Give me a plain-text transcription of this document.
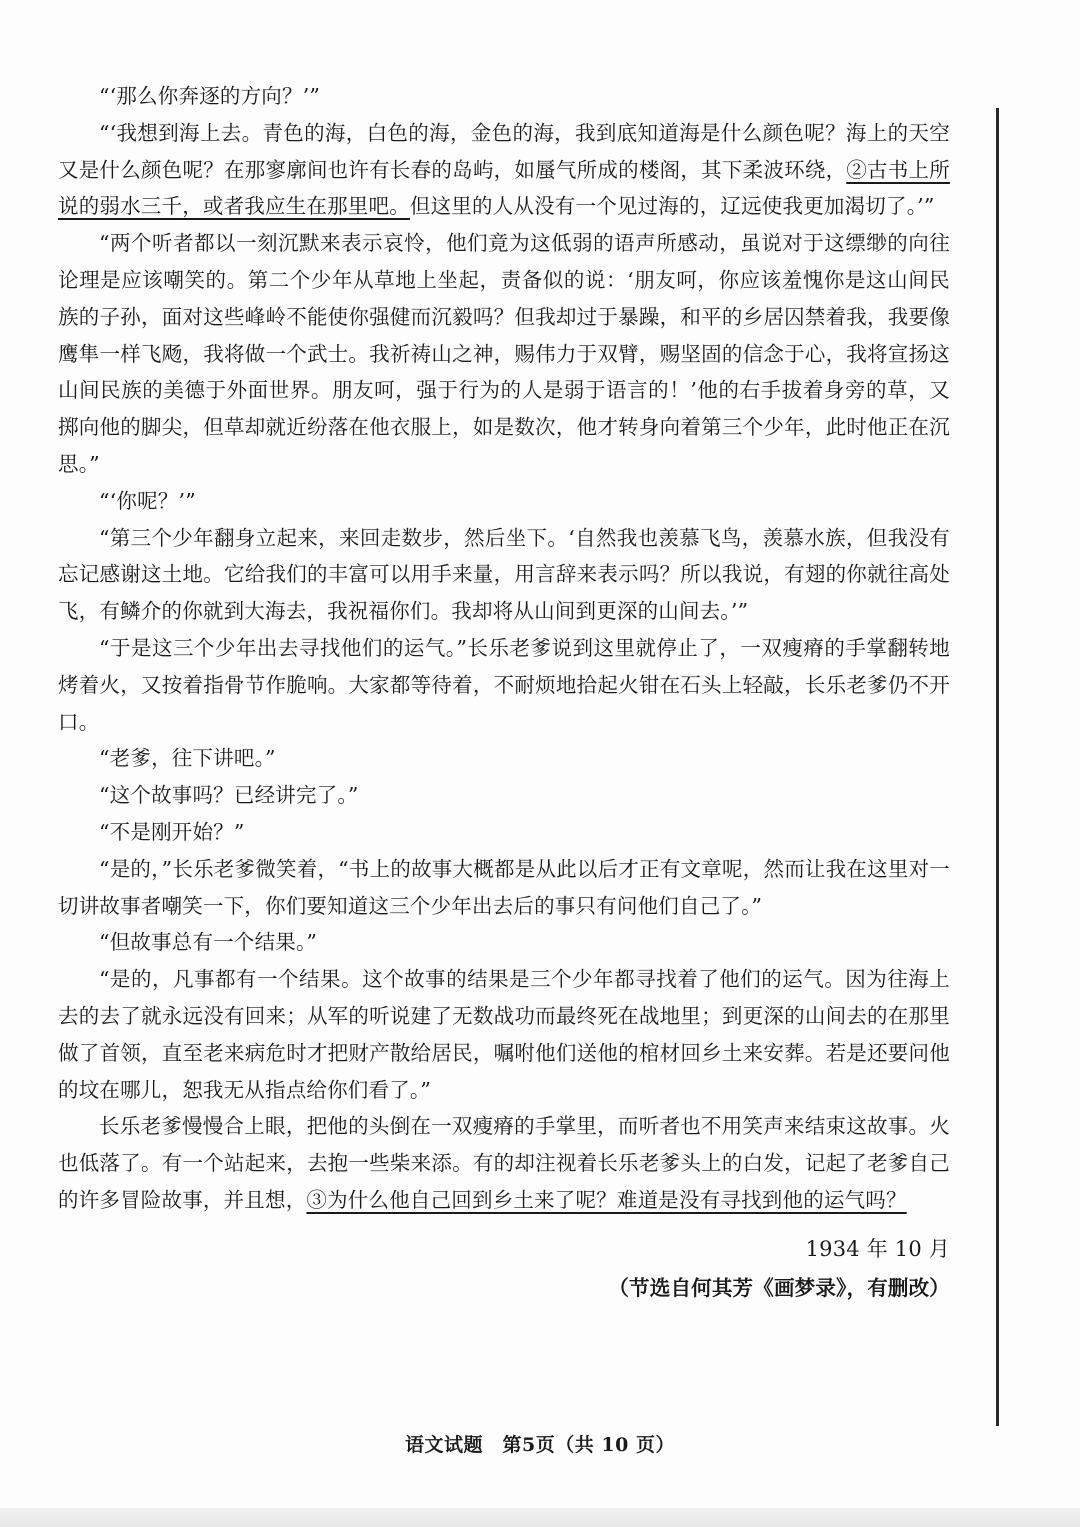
“‘那么你奔逐的方向？’”

“‘我想到海上去。青色的海，白色的海，金色的海，我到底知道海是什么颜色呢？海上的天空又是什么颜色呢？在那寥廓间也许有长春的岛屿，如蜃气所成的楼阁，其下柔波环绕，②古书上所说的弱水三千，或者我应生在那里吧。但这里的人从没有一个见过海的，辽远使我更加渴切了。’”

“两个听者都以一刻沉默来表示哀怜，他们竟为这低弱的语声所感动，虽说对于这缥缈的向往论理是应该嘲笑的。第二个少年从草地上坐起，责备似的说：‘朋友呵，你应该羞愧你是这山间民族的子孙，面对这些峰岭不能使你强健而沉毅吗？但我却过于暴躁，和平的乡居囚禁着我，我要像鹰隼一样飞飏，我将做一个武士。我祈祷山之神，赐伟力于双臂，赐坚固的信念于心，我将宣扬这山间民族的美德于外面世界。朋友呵，强于行为的人是弱于语言的！’他的右手拔着身旁的草，又掷向他的脚尖，但草却就近纷落在他衣服上，如是数次，他才转身向着第三个少年，此时他正在沉思。”

“‘你呢？’”

“第三个少年翻身立起来，来回走数步，然后坐下。‘自然我也羡慕飞鸟，羡慕水族，但我没有忘记感谢这土地。它给我们的丰富可以用手来量，用言辞来表示吗？所以我说，有翅的你就往高处飞，有鳞介的你就到大海去，我祝福你们。我却将从山间到更深的山间去。’”

“于是这三个少年出去寻找他们的运气。”长乐老爹说到这里就停止了，一双瘦瘠的手掌翻转地烤着火，又按着指骨节作脆响。大家都等待着，不耐烦地拾起火钳在石头上轻敲，长乐老爹仍不开口。

“老爹，往下讲吧。”

“这个故事吗？已经讲完了。”

“不是刚开始？”

“是的，”长乐老爹微笑着，“书上的故事大概都是从此以后才正有文章呢，然而让我在这里对一切讲故事者嘲笑一下，你们要知道这三个少年出去后的事只有问他们自己了。”

“但故事总有一个结果。”

“是的，凡事都有一个结果。这个故事的结果是三个少年都寻找着了他们的运气。因为往海上去的去了就永远没有回来；从军的听说建了无数战功而最终死在战地里；到更深的山间去的在那里做了首领，直至老来病危时才把财产散给居民，嘱咐他们送他的棺材回乡土来安葬。若是还要问他的坟在哪儿，恕我无从指点给你们看了。”

长乐老爹慢慢合上眼，把他的头倒在一双瘦瘠的手掌里，而听者也不用笑声来结束这故事。火也低落了。有一个站起来，去抱一些柴来添。有的却注视着长乐老爹头上的白发，记起了老爹自己的许多冒险故事，并且想，③为什么他自己回到乡土来了呢？难道是没有寻找到他的运气吗？

1934 年 10 月

（节选自何其芳《画梦录》，有删改）

语文试题　第5页（共 10 页）
